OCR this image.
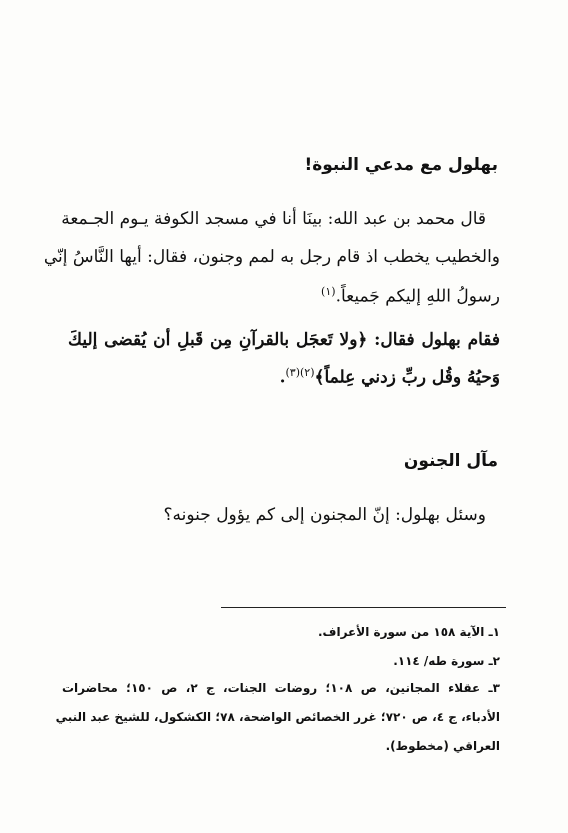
بهلول مع مدعي النبوة!
قال محمد بن عبد الله: بينَا أنا في مسجد الكوفة يـوم الجـمعة
والخطيب يخطب اذ قام رجل به لمم وجنون، فقال: أيها النَّاسُ إنّي
رسولُ اللهِ إليكم جَميعاً.$^{(١)}$
فقام بهلول فقال: ﴿ولا تَعجَل بالقرآنِ مِن قَبلِ أن يُقضى إليكَ
وَحيُهُ وقُل ربِّ زدني عِلماً﴾$^{(٢)(٣)}$.
مآل الجنون
وسئل بهلول: إنّ المجنون إلى كم يؤول جنونه؟
١ـ الآية ١٥٨ من سورة الأعراف.
٢ـ سورة طه/ ١١٤.
٣ـ عقلاء المجانين، ص ١٠٨؛ روضات الجنات، ج ٢، ص ١٥٠؛ محاضرات
الأدباء، ج ٤، ص ٧٢٠؛ غرر الخصائص الواضحة، ٧٨؛ الكشكول، للشيخ عبد النبي
العراقي (مخطوط).
